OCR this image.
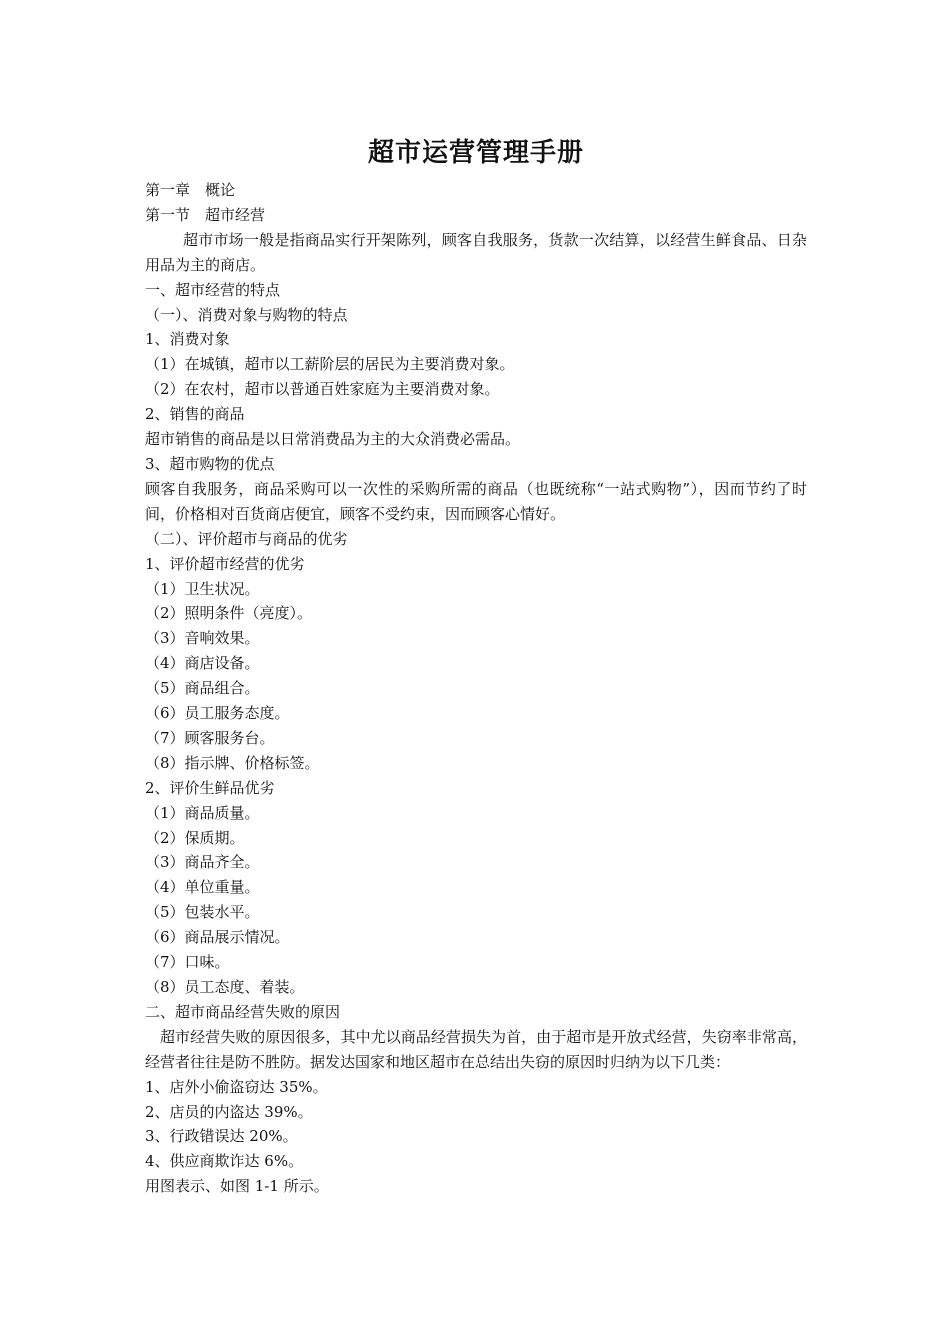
超市运营管理手册
第一章　概论
第一节　超市经营
超市市场一般是指商品实行开架陈列，顾客自我服务，货款一次结算，以经营生鲜食品、日杂用品为主的商店。
一、超市经营的特点
（一）、消费对象与购物的特点
1、消费对象
（1）在城镇，超市以工薪阶层的居民为主要消费对象。
（2）在农村，超市以普通百姓家庭为主要消费对象。
2、销售的商品
超市销售的商品是以日常消费品为主的大众消费必需品。
3、超市购物的优点
顾客自我服务，商品采购可以一次性的采购所需的商品（也既统称“一站式购物”），因而节约了时间，价格相对百货商店便宜，顾客不受约束，因而顾客心情好。
（二）、评价超市与商品的优劣
1、评价超市经营的优劣
（1）卫生状况。
（2）照明条件（亮度）。
（3）音响效果。
（4）商店设备。
（5）商品组合。
（6）员工服务态度。
（7）顾客服务台。
（8）指示牌、价格标签。
2、评价生鲜品优劣
（1）商品质量。
（2）保质期。
（3）商品齐全。
（4）单位重量。
（5）包装水平。
（6）商品展示情况。
（7）口味。
（8）员工态度、着装。
二、超市商品经营失败的原因
超市经营失败的原因很多，其中尤以商品经营损失为首，由于超市是开放式经营，失窃率非常高，经营者往往是防不胜防。据发达国家和地区超市在总结出失窃的原因时归纳为以下几类：
1、店外小偷盗窃达 35%。
2、店员的内盗达 39%。
3、行政错误达 20%。
4、供应商欺诈达 6%。
用图表示、如图 1-1 所示。
